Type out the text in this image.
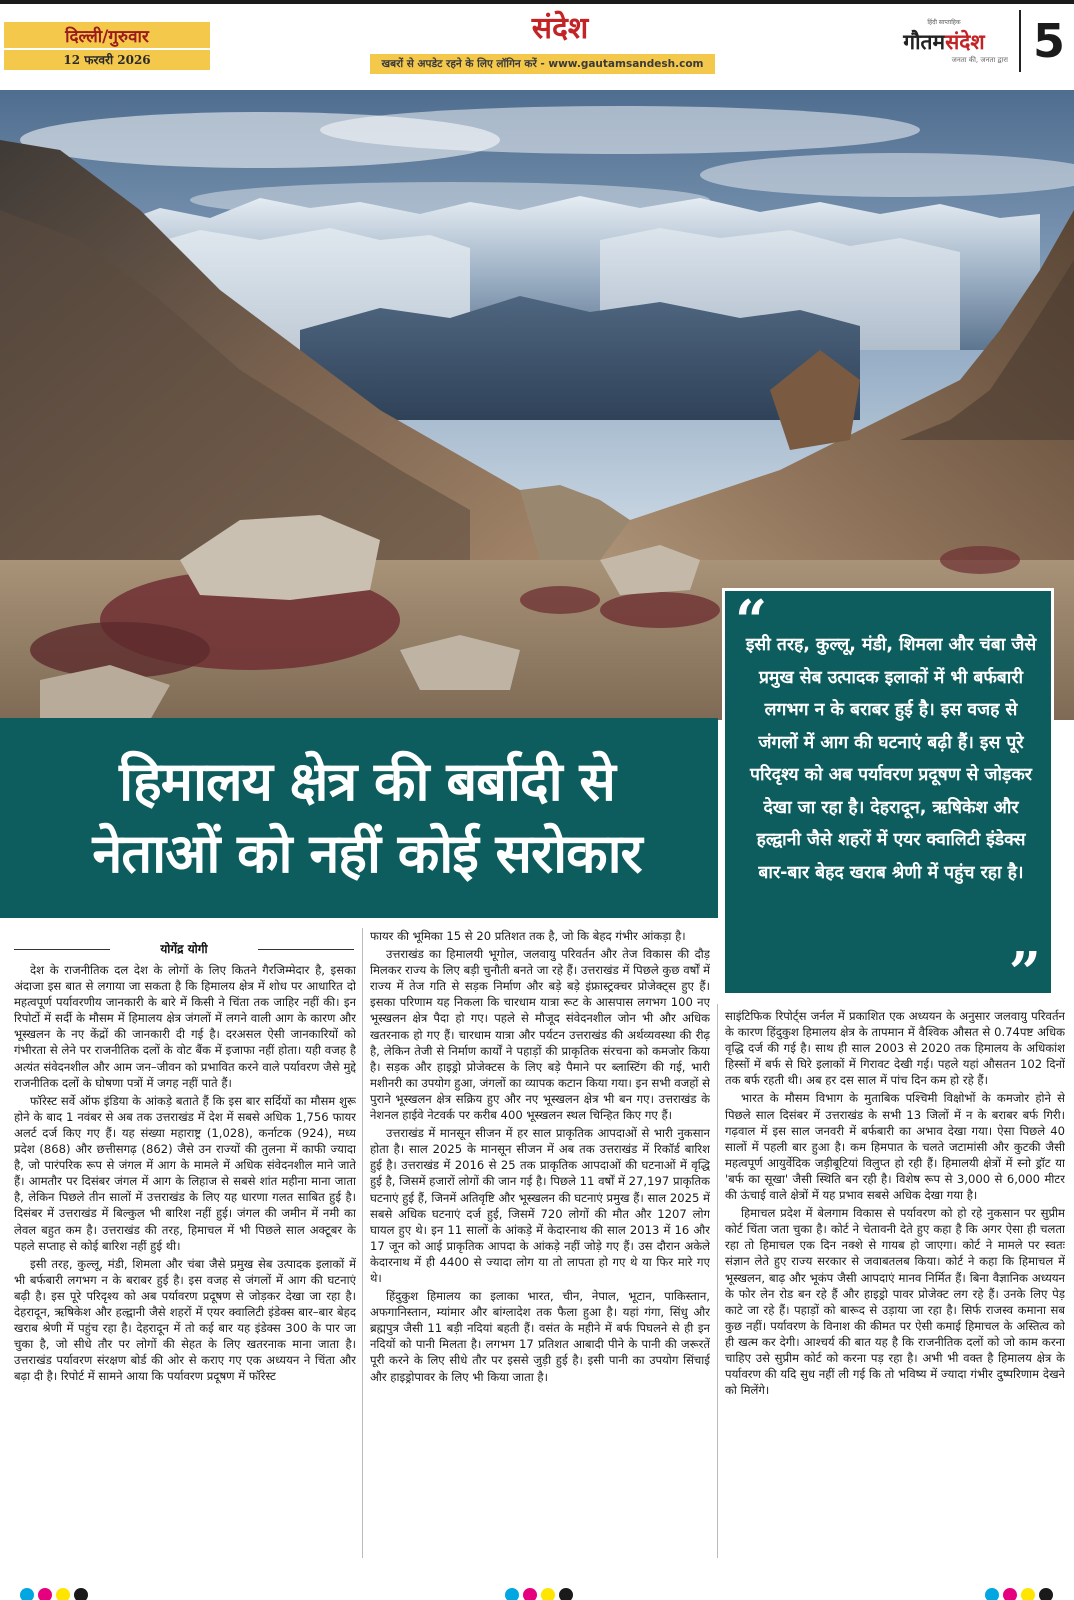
दिल्ली/गुरुवार
12 फरवरी 2026
संदेश
खबरों से अपडेट रहने के लिए लॉगिन करें - www.gautamsandesh.com
हिंदी साप्ताहिक
गौतमसंदेश
जनता की, जनता द्वारा 5
हिमालय क्षेत्र की बर्बादी से
नेताओं को नहीं कोई सरोकार
“
इसी तरह, कुल्लू, मंडी, शिमला और चंबा जैसे प्रमुख सेब उत्पादक इलाकों में भी बर्फबारी लगभग न के बराबर हुई है। इस वजह से जंगलों में आग की घटनाएं बढ़ी हैं। इस पूरे परिदृश्य को अब पर्यावरण प्रदूषण से जोड़कर देखा जा रहा है। देहरादून, ऋषिकेश और हल्द्वानी जैसे शहरों में एयर क्वालिटी इंडेक्स बार-बार बेहद खराब श्रेणी में पहुंच रहा है।
”
योगेंद्र योगी

देश के राजनीतिक दल देश के लोगों के लिए कितने गैरजिम्मेदार है, इसका अंदाजा इस बात से लगाया जा सकता है कि हिमालय क्षेत्र में शोध पर आधारित दो महत्वपूर्ण पर्यावरणीय जानकारी के बारे में किसी ने चिंता तक जाहिर नहीं की। इन रिपोर्टो में सर्दी के मौसम में हिमालय क्षेत्र जंगलों में लगने वाली आग के कारण और भूस्खलन के नए केंद्रों की जानकारी दी गई है। दरअसल ऐसी जानकारियों को गंभीरता से लेने पर राजनीतिक दलों के वोट बैंक में इजाफा नहीं होता। यही वजह है अत्यंत संवेदनशील और आम जन–जीवन को प्रभावित करने वाले पर्यावरण जैसे मुद्दे राजनीतिक दलों के घोषणा पत्रों में जगह नहीं पाते हैं।

फॉरेस्ट सर्वे ऑफ इंडिया के आंकड़े बताते हैं कि इस बार सर्दियों का मौसम शुरू होने के बाद 1 नवंबर से अब तक उत्तराखंड में देश में सबसे अधिक 1,756 फायर अलर्ट दर्ज किए गए हैं। यह संख्या महाराष्ट्र (1,028), कर्नाटक (924), मध्य प्रदेश (868) और छत्तीसगढ़ (862) जैसे उन राज्यों की तुलना में काफी ज्यादा है, जो पारंपरिक रूप से जंगल में आग के मामले में अधिक संवेदनशील माने जाते हैं। आमतौर पर दिसंबर जंगल में आग के लिहाज से सबसे शांत महीना माना जाता है, लेकिन पिछले तीन सालों में उत्तराखंड के लिए यह धारणा गलत साबित हुई है। दिसंबर में उत्तराखंड में बिल्कुल भी बारिश नहीं हुई। जंगल की जमीन में नमी का लेवल बहुत कम है। उत्तराखंड की तरह, हिमाचल में भी पिछले साल अक्टूबर के पहले सप्ताह से कोई बारिश नहीं हुई थी।

इसी तरह, कुल्लू, मंडी, शिमला और चंबा जैसे प्रमुख सेब उत्पादक इलाकों में भी बर्फबारी लगभग न के बराबर हुई है। इस वजह से जंगलों में आग की घटनाएं बढ़ी है। इस पूरे परिदृश्य को अब पर्यावरण प्रदूषण से जोड़कर देखा जा रहा है। देहरादून, ऋषिकेश और हल्द्वानी जैसे शहरों में एयर क्वालिटी इंडेक्स बार–बार बेहद खराब श्रेणी में पहुंच रहा है। देहरादून में तो कई बार यह इंडेक्स 300 के पार जा चुका है, जो सीधे तौर पर लोगों की सेहत के लिए खतरनाक माना जाता है। उत्तराखंड पर्यावरण संरक्षण बोर्ड की ओर से कराए गए एक अध्ययन ने चिंता और बढ़ा दी है। रिपोर्ट में सामने आया कि पर्यावरण प्रदूषण में फॉरेस्ट

फायर की भूमिका 15 से 20 प्रतिशत तक है, जो कि बेहद गंभीर आंकड़ा है।

उत्तराखंड का हिमालयी भूगोल, जलवायु परिवर्तन और तेज विकास की दौड़ मिलकर राज्य के लिए बड़ी चुनौती बनते जा रहे हैं। उत्तराखंड में पिछले कुछ वर्षों में राज्य में तेज गति से सड़क निर्माण और बड़े बड़े इंफ्रास्ट्रक्चर प्रोजेक्ट्स हुए हैं। इसका परिणाम यह निकला कि चारधाम यात्रा रूट के आसपास लगभग 100 नए भूस्खलन क्षेत्र पैदा हो गए। पहले से मौजूद संवेदनशील जोन भी और अधिक खतरनाक हो गए हैं। चारधाम यात्रा और पर्यटन उत्तराखंड की अर्थव्यवस्था की रीढ़ है, लेकिन तेजी से निर्माण कार्यों ने पहाड़ों की प्राकृतिक संरचना को कमजोर किया है। सड़क और हाइड्रो प्रोजेक्टस के लिए बड़े पैमाने पर ब्लास्टिंग की गई, भारी मशीनरी का उपयोग हुआ, जंगलों का व्यापक कटान किया गया। इन सभी वजहों से पुराने भूस्खलन क्षेत्र सक्रिय हुए और नए भूस्खलन क्षेत्र भी बन गए। उत्तराखंड के नेशनल हाईवे नेटवर्क पर करीब 400 भूस्खलन स्थल चिन्हित किए गए हैं।

उत्तराखंड में मानसून सीजन में हर साल प्राकृतिक आपदाओं से भारी नुकसान होता है। साल 2025 के मानसून सीजन में अब तक उत्तराखंड में रिकॉर्ड बारिश हुई है। उत्तराखंड में 2016 से 25 तक प्राकृतिक आपदाओं की घटनाओं में वृद्धि हुई है, जिसमें हजारों लोगों की जान गई है। पिछले 11 वर्षों में 27,197 प्राकृतिक घटनाएं हुई हैं, जिनमें अतिवृष्टि और भूस्खलन की घटनाएं प्रमुख हैं। साल 2025 में सबसे अधिक घटनाएं दर्ज हुई, जिसमें 720 लोगों की मौत और 1207 लोग घायल हुए थे। इन 11 सालों के आंकड़े में केदारनाथ की साल 2013 में 16 और 17 जून को आई प्राकृतिक आपदा के आंकड़े नहीं जोड़े गए हैं। उस दौरान अकेले केदारनाथ में ही 4400 से ज्यादा लोग या तो लापता हो गए थे या फिर मारे गए थे।

हिंदुकुश हिमालय का इलाका भारत, चीन, नेपाल, भूटान, पाकिस्तान, अफगानिस्तान, म्यांमार और बांग्लादेश तक फैला हुआ है। यहां गंगा, सिंधु और ब्रह्मपुत्र जैसी 11 बड़ी नदियां बहती हैं। वसंत के महीने में बर्फ पिघलने से ही इन नदियों को पानी मिलता है। लगभग 17 प्रतिशत आबादी पीने के पानी की जरूरतें पूरी करने के लिए सीधे तौर पर इससे जुड़ी हुई है। इसी पानी का उपयोग सिंचाई और हाइड्रोपावर के लिए भी किया जाता है।

साइंटिफिक रिपोर्ट्स जर्नल में प्रकाशित एक अध्ययन के अनुसार जलवायु परिवर्तन के कारण हिंदुकुश हिमालय क्षेत्र के तापमान में वैश्विक औसत से 0.74पष्ट अधिक वृद्धि दर्ज की गई है। साथ ही साल 2003 से 2020 तक हिमालय के अधिकांश हिस्सों में बर्फ से घिरे इलाकों में गिरावट देखी गई। पहले यहां औसतन 102 दिनों तक बर्फ रहती थी। अब हर दस साल में पांच दिन कम हो रहे हैं।

भारत के मौसम विभाग के मुताबिक पश्चिमी विक्षोभों के कमजोर होने से पिछले साल दिसंबर में उत्तराखंड के सभी 13 जिलों में न के बराबर बर्फ गिरी। गढ़वाल में इस साल जनवरी में बर्फबारी का अभाव देखा गया। ऐसा पिछले 40 सालों में पहली बार हुआ है। कम हिमपात के चलते जटामांसी और कुटकी जैसी महत्वपूर्ण आयुर्वेदिक जड़ीबूटियां विलुप्त हो रही हैं। हिमालयी क्षेत्रों में स्नो ड्रॉट या 'बर्फ का सूखा' जैसी स्थिति बन रही है। विशेष रूप से 3,000 से 6,000 मीटर की ऊंचाई वाले क्षेत्रों में यह प्रभाव सबसे अधिक देखा गया है।

हिमाचल प्रदेश में बेलगाम विकास से पर्यावरण को हो रहे नुकसान पर सुप्रीम कोर्ट चिंता जता चुका है। कोर्ट ने चेतावनी देते हुए कहा है कि अगर ऐसा ही चलता रहा तो हिमाचल एक दिन नक्शे से गायब हो जाएगा। कोर्ट ने मामले पर स्वतः संज्ञान लेते हुए राज्य सरकार से जवाबतलब किया। कोर्ट ने कहा कि हिमाचल में भूस्खलन, बाढ़ और भूकंप जैसी आपदाएं मानव निर्मित हैं। बिना वैज्ञानिक अध्ययन के फोर लेन रोड बन रहे हैं और हाइड्रो पावर प्रोजेक्ट लग रहे हैं। उनके लिए पेड़ काटे जा रहे हैं। पहाड़ों को बारूद से उड़ाया जा रहा है। सिर्फ राजस्व कमाना सब कुछ नहीं। पर्यावरण के विनाश की कीमत पर ऐसी कमाई हिमाचल के अस्तित्व को ही खत्म कर देगी। आश्चर्य की बात यह है कि राजनीतिक दलों को जो काम करना चाहिए उसे सुप्रीम कोर्ट को करना पड़ रहा है। अभी भी वक्त है हिमालय क्षेत्र के पर्यावरण की यदि सुध नहीं ली गई कि तो भविष्य में ज्यादा गंभीर दुष्परिणाम देखने को मिलेंगे।
